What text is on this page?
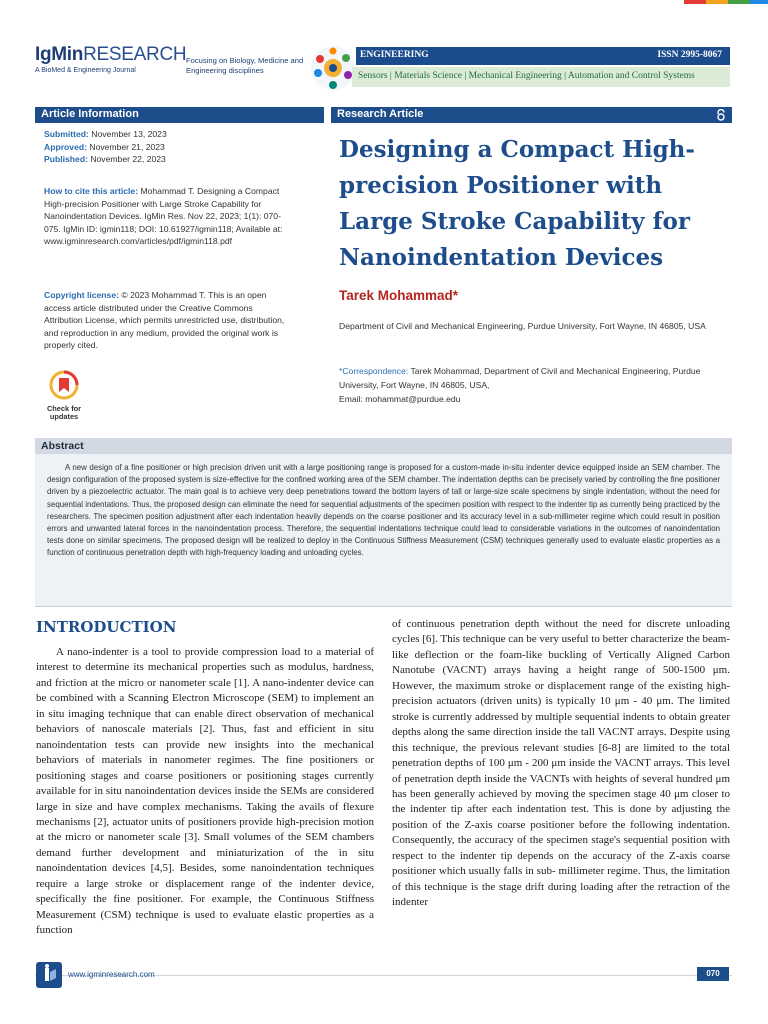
IgMinRESEARCH
A BioMed & Engineering Journal
Focusing on Biology, Medicine and Engineering disciplines
ENGINEERING	ISSN 2995-8067
Sensors | Materials Science | Mechanical Engineering | Automation and Control Systems
Article Information
Submitted: November 13, 2023
Approved: November 21, 2023
Published: November 22, 2023
How to cite this article: Mohammad T. Designing a Compact High-precision Positioner with Large Stroke Capability for Nanoindentation Devices. IgMin Res. Nov 22, 2023; 1(1): 070-075. IgMin ID: igmin118; DOI: 10.61927/igmin118; Available at: www.igminresearch.com/articles/pdf/igmin118.pdf
Copyright license: © 2023 Mohammad T. This is an open access article distributed under the Creative Commons Attribution License, which permits unrestricted use, distribution, and reproduction in any medium, provided the original work is properly cited.
Check for updates
Research Article
Designing a Compact High-precision Positioner with Large Stroke Capability for Nanoindentation Devices
Tarek Mohammad*
Department of Civil and Mechanical Engineering, Purdue University, Fort Wayne, IN 46805, USA
*Correspondence: Tarek Mohammad, Department of Civil and Mechanical Engineering, Purdue University, Fort Wayne, IN 46805, USA,
Email: mohammat@purdue.edu
Abstract
A new design of a fine positioner or high precision driven unit with a large positioning range is proposed for a custom-made in-situ indenter device equipped inside an SEM chamber. The design configuration of the proposed system is size-effective for the confined working area of the SEM chamber. The indentation depths can be precisely varied by controlling the fine positioner driven by a piezoelectric actuator. The main goal is to achieve very deep penetrations toward the bottom layers of tall or large-size scale specimens by single indentation, without the need for sequential indentations. Thus, the proposed design can eliminate the need for sequential adjustments of the specimen position with respect to the indenter tip as currently being practiced by the researchers. The specimen position adjustment after each indentation heavily depends on the coarse positioner and its accuracy level in a sub-millimeter regime which could result in position errors and unwanted lateral forces in the nanoindentation process. Therefore, the sequential indentations technique could lead to considerable variations in the outcomes of nanoindentation tests done on similar specimens. The proposed design will be realized to deploy in the Continuous Stiffness Measurement (CSM) techniques generally used to evaluate elastic properties as a function of continuous penetration depth with high-frequency loading and unloading cycles.
INTRODUCTION
A nano-indenter is a tool to provide compression load to a material of interest to determine its mechanical properties such as modulus, hardness, and friction at the micro or nanometer scale [1]. A nano-indenter device can be combined with a Scanning Electron Microscope (SEM) to implement an in situ imaging technique that can enable direct observation of mechanical behaviors of nanoscale materials [2]. Thus, fast and efficient in situ nanoindentation tests can provide new insights into the mechanical behaviors of materials in nanometer regimes. The fine positioners or positioning stages and coarse positioners or positioning stages currently available for in situ nanoindentation devices inside the SEMs are considered large in size and have complex mechanisms. Taking the avails of flexure mechanisms [2], actuator units of positioners provide high-precision motion at the micro or nanometer scale [3]. Small volumes of the SEM chambers demand further development and miniaturization of the in situ nanoindentation devices [4,5]. Besides, some nanoindentation techniques require a large stroke or displacement range of the indenter device, specifically the fine positioner. For example, the Continuous Stiffness Measurement (CSM) technique is used to evaluate elastic properties as a function
of continuous penetration depth without the need for discrete unloading cycles [6]. This technique can be very useful to better characterize the beam-like deflection or the foam-like buckling of Vertically Aligned Carbon Nanotube (VACNT) arrays having a height range of 500-1500 μm. However, the maximum stroke or displacement range of the existing high-precision actuators (driven units) is typically 10 μm - 40 μm. The limited stroke is currently addressed by multiple sequential indents to obtain greater depths along the same direction inside the tall VACNT arrays. Despite using this technique, the previous relevant studies [6-8] are limited to the total penetration depths of 100 μm - 200 μm inside the VACNT arrays. This level of penetration depth inside the VACNTs with heights of several hundred μm has been generally achieved by moving the specimen stage 40 μm closer to the indenter tip after each indentation test. This is done by adjusting the position of the Z-axis coarse positioner before the following indentation. Consequently, the accuracy of the specimen stage's sequential position with respect to the indenter tip depends on the accuracy of the Z-axis coarse positioner which usually falls in sub- millimeter regime. Thus, the limitation of this technique is the stage drift during loading after the retraction of the indenter
www.igminresearch.com	070
